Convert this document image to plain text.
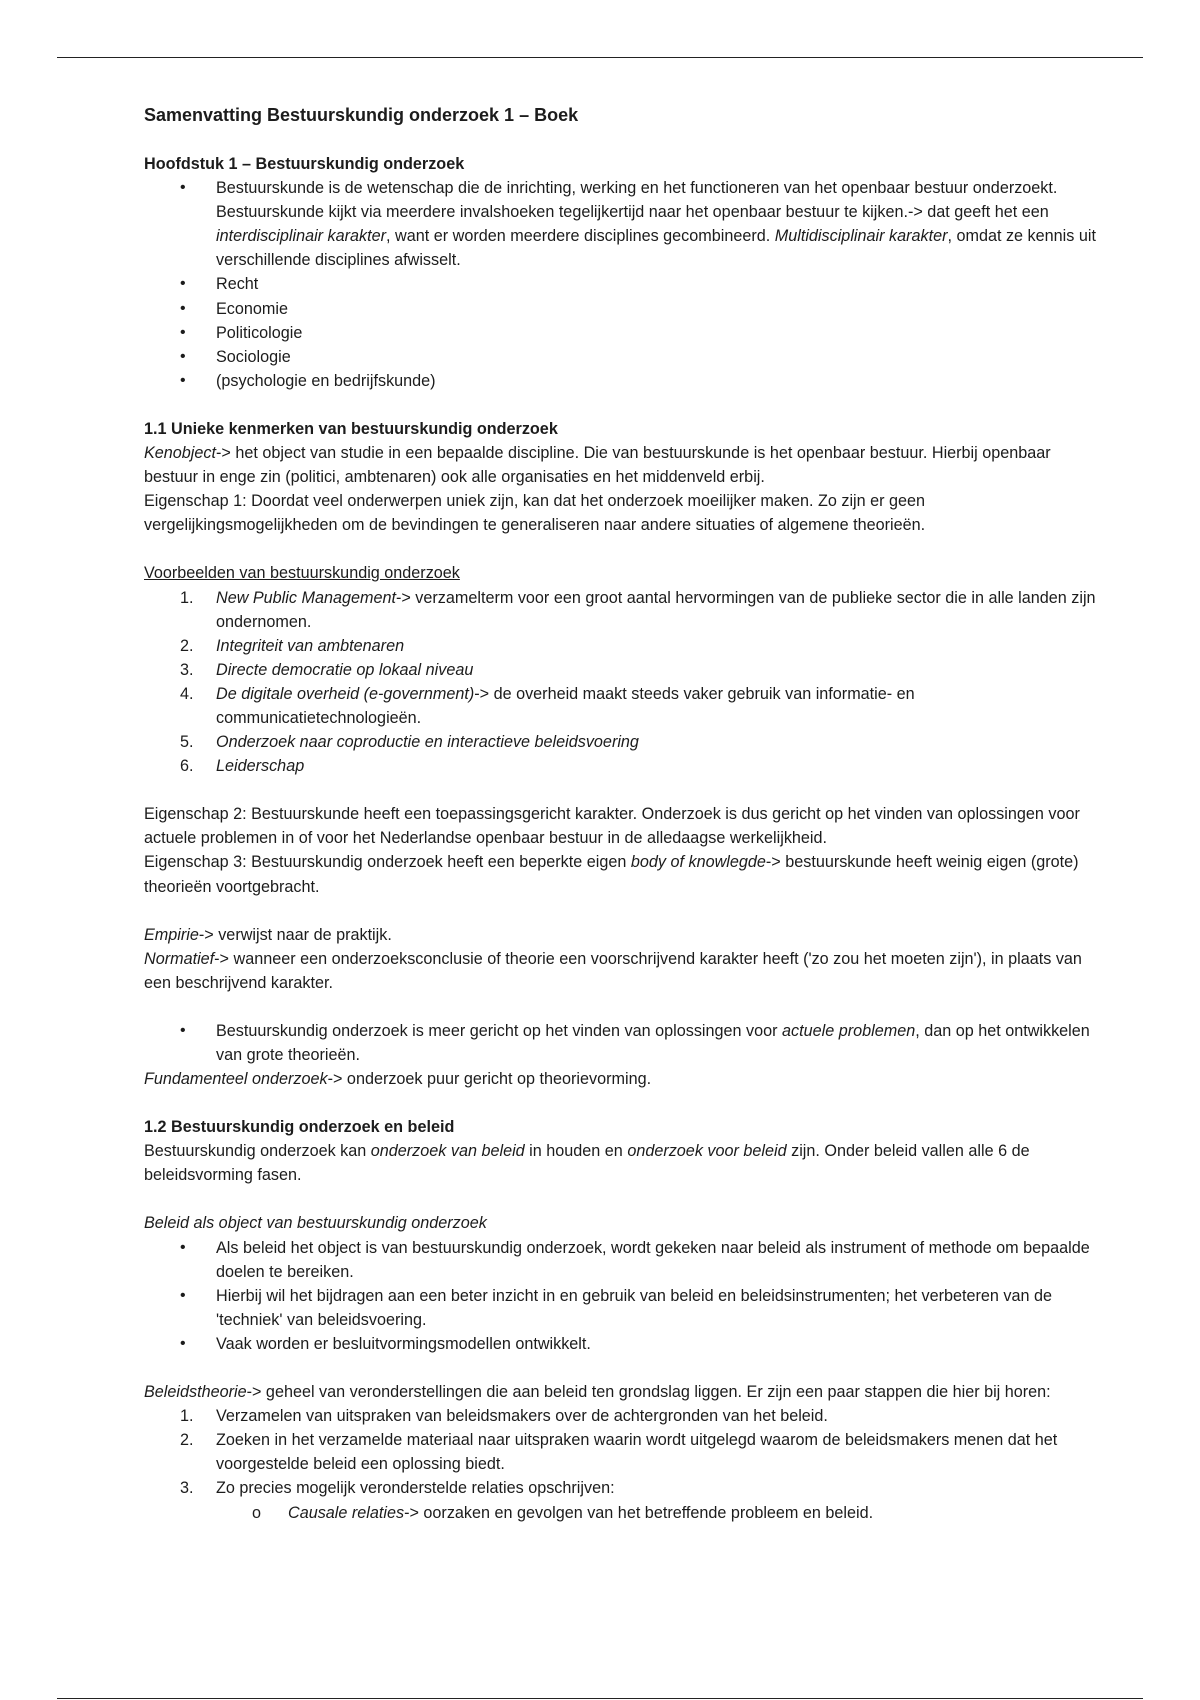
Samenvatting Bestuurskundig onderzoek 1 – Boek

Hoofdstuk 1 – Bestuurskundig onderzoek

• Bestuurskunde is de wetenschap die de inrichting, werking en het functioneren van het openbaar bestuur onderzoekt. Bestuurskunde kijkt via meerdere invalshoeken tegelijkertijd naar het openbaar bestuur te kijken.-> dat geeft het een interdisciplinair karakter, want er worden meerdere disciplines gecombineerd. Multidisciplinair karakter, omdat ze kennis uit verschillende disciplines afwisselt.
• Recht
• Economie
• Politicologie
• Sociologie
• (psychologie en bedrijfskunde)

1.1 Unieke kenmerken van bestuurskundig onderzoek

Kenobject-> het object van studie in een bepaalde discipline. Die van bestuurskunde is het openbaar bestuur. Hierbij openbaar bestuur in enge zin (politici, ambtenaren) ook alle organisaties en het middenveld erbij.

Eigenschap 1: Doordat veel onderwerpen uniek zijn, kan dat het onderzoek moeilijker maken. Zo zijn er geen vergelijkingsmogelijkheden om de bevindingen te generaliseren naar andere situaties of algemene theorieën.

Voorbeelden van bestuurskundig onderzoek

1. New Public Management-> verzamelterm voor een groot aantal hervormingen van de publieke sector die in alle landen zijn ondernomen.
2. Integriteit van ambtenaren
3. Directe democratie op lokaal niveau
4. De digitale overheid (e-government)-> de overheid maakt steeds vaker gebruik van informatie- en communicatietechnologieën.
5. Onderzoek naar coproductie en interactieve beleidsvoering
6. Leiderschap

Eigenschap 2: Bestuurskunde heeft een toepassingsgericht karakter. Onderzoek is dus gericht op het vinden van oplossingen voor actuele problemen in of voor het Nederlandse openbaar bestuur in de alledaagse werkelijkheid.

Eigenschap 3: Bestuurskundig onderzoek heeft een beperkte eigen body of knowlegde-> bestuurskunde heeft weinig eigen (grote) theorieën voortgebracht.

Empirie-> verwijst naar de praktijk.

Normatief-> wanneer een onderzoeksconclusie of theorie een voorschrijvend karakter heeft ('zo zou het moeten zijn'), in plaats van een beschrijvend karakter.

• Bestuurskundig onderzoek is meer gericht op het vinden van oplossingen voor actuele problemen, dan op het ontwikkelen van grote theorieën.

Fundamenteel onderzoek-> onderzoek puur gericht op theorievorming.

1.2 Bestuurskundig onderzoek en beleid

Bestuurskundig onderzoek kan onderzoek van beleid in houden en onderzoek voor beleid zijn. Onder beleid vallen alle 6 de beleidsvorming fasen.

Beleid als object van bestuurskundig onderzoek

• Als beleid het object is van bestuurskundig onderzoek, wordt gekeken naar beleid als instrument of methode om bepaalde doelen te bereiken.
• Hierbij wil het bijdragen aan een beter inzicht in en gebruik van beleid en beleidsinstrumenten; het verbeteren van de 'techniek' van beleidsvoering.
• Vaak worden er besluitvormingsmodellen ontwikkelt.

Beleidstheorie-> geheel van veronderstellingen die aan beleid ten grondslag liggen. Er zijn een paar stappen die hier bij horen:

1. Verzamelen van uitspraken van beleidsmakers over de achtergronden van het beleid.
2. Zoeken in het verzamelde materiaal naar uitspraken waarin wordt uitgelegd waarom de beleidsmakers menen dat het voorgestelde beleid een oplossing biedt.
3. Zo precies mogelijk veronderstelde relaties opschrijven:
o Causale relaties-> oorzaken en gevolgen van het betreffende probleem en beleid.
